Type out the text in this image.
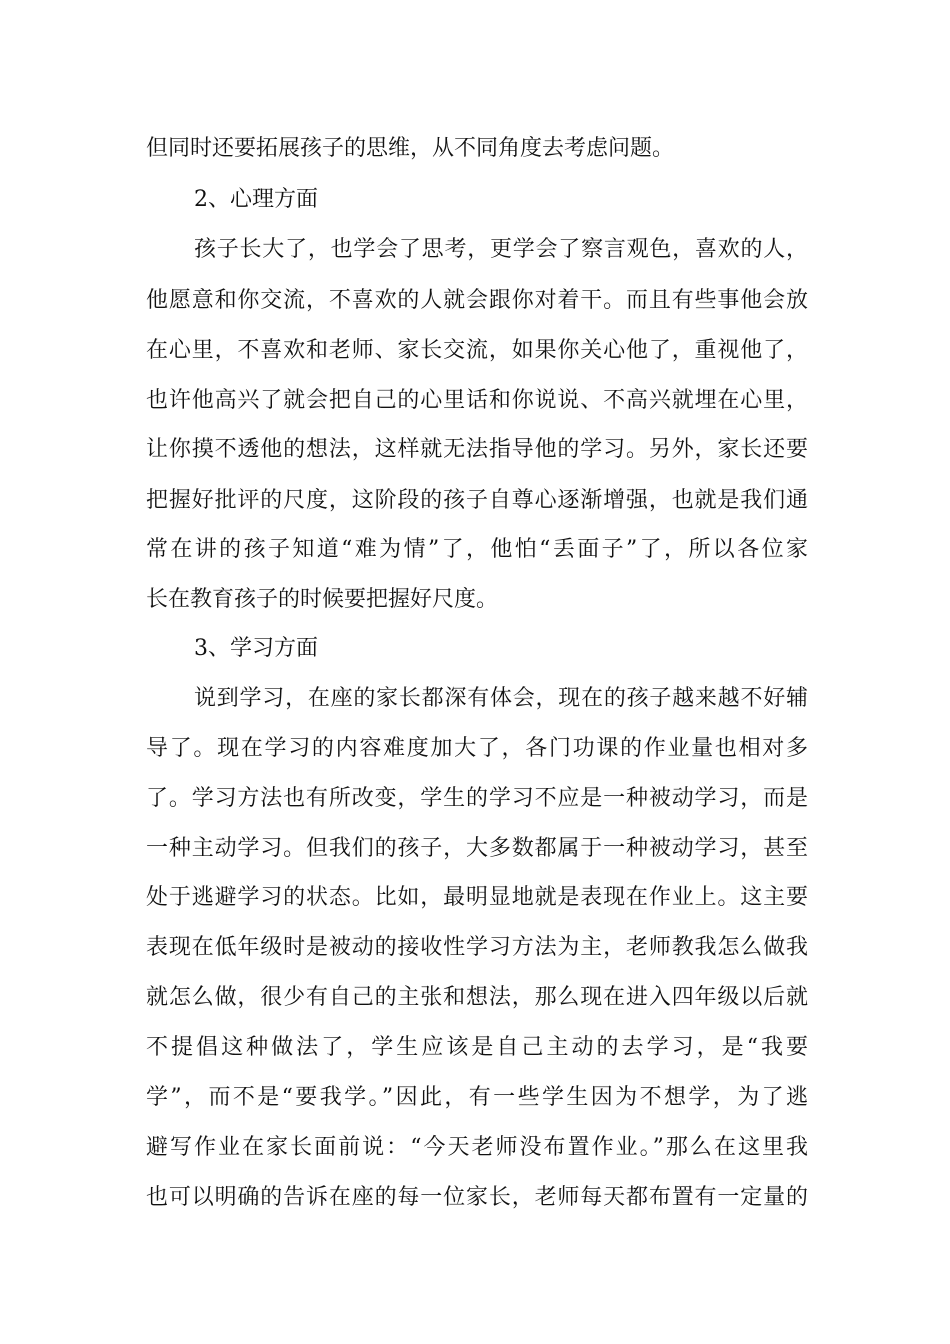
但同时还要拓展孩子的思维，从不同角度去考虑问题。
2、心理方面
孩子长大了，也学会了思考，更学会了察言观色，喜欢的人，
他愿意和你交流，不喜欢的人就会跟你对着干。而且有些事他会放
在心里，不喜欢和老师、家长交流，如果你关心他了，重视他了，
也许他高兴了就会把自己的心里话和你说说、不高兴就埋在心里，
让你摸不透他的想法，这样就无法指导他的学习。另外，家长还要
把握好批评的尺度，这阶段的孩子自尊心逐渐增强，也就是我们通
常在讲的孩子知道“难为情”了，他怕“丢面子”了，所以各位家
长在教育孩子的时候要把握好尺度。
3、学习方面
说到学习，在座的家长都深有体会，现在的孩子越来越不好辅
导了。现在学习的内容难度加大了，各门功课的作业量也相对多
了。学习方法也有所改变，学生的学习不应是一种被动学习，而是
一种主动学习。但我们的孩子，大多数都属于一种被动学习，甚至
处于逃避学习的状态。比如，最明显地就是表现在作业上。这主要
表现在低年级时是被动的接收性学习方法为主，老师教我怎么做我
就怎么做，很少有自己的主张和想法，那么现在进入四年级以后就
不提倡这种做法了，学生应该是自己主动的去学习，是“我要
学”，而不是“要我学。”因此，有一些学生因为不想学，为了逃
避写作业在家长面前说：“今天老师没布置作业。”那么在这里我
也可以明确的告诉在座的每一位家长，老师每天都布置有一定量的
